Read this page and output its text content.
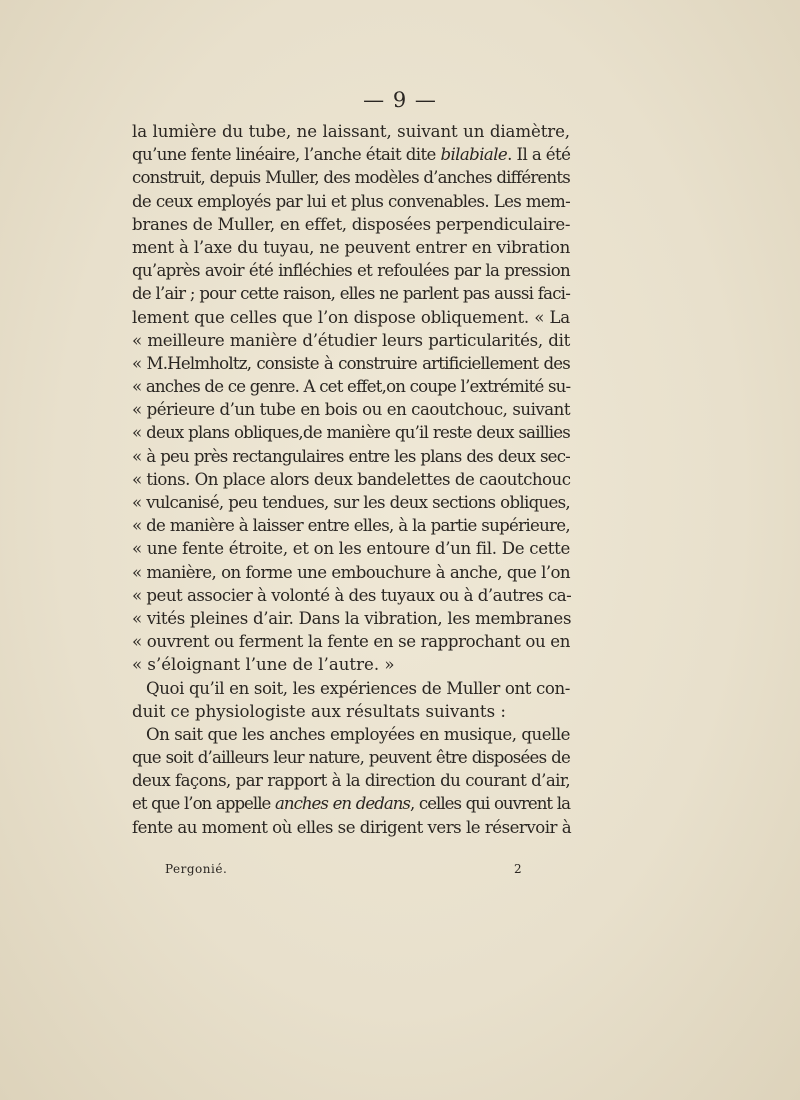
— 9 —
la lumière du tube, ne laissant, suivant un diamètre,
qu’une fente linéaire, l’anche était dite bilabiale. Il a été
construit, depuis Muller, des modèles d’anches différents
de ceux employés par lui et plus convenables. Les mem-
branes de Muller, en effet, disposées perpendiculaire-
ment à l’axe du tuyau, ne peuvent entrer en vibration
qu’après avoir été infléchies et refoulées par la pression
de l’air ; pour cette raison, elles ne parlent pas aussi faci-
lement que celles que l’on dispose obliquement. « La
« meilleure manière d’étudier leurs particularités, dit
« M.Helmholtz, consiste à construire artificiellement des
« anches de ce genre. A cet effet,on coupe l’extrémité su-
« périeure d’un tube en bois ou en caoutchouc, suivant
« deux plans obliques,de manière qu’il reste deux saillies
« à peu près rectangulaires entre les plans des deux sec-
« tions. On place alors deux bandelettes de caoutchouc
« vulcanisé, peu tendues, sur les deux sections obliques,
« de manière à laisser entre elles, à la partie supérieure,
« une fente étroite, et on les entoure d’un fil. De cette
« manière, on forme une embouchure à anche, que l’on
« peut associer à volonté à des tuyaux ou à d’autres ca-
« vités pleines d’air. Dans la vibration, les membranes
« ouvrent ou ferment la fente en se rapprochant ou en
« s’éloignant l’une de l’autre. »
Quoi qu’il en soit, les expériences de Muller ont con-
duit ce physiologiste aux résultats suivants :
On sait que les anches employées en musique, quelle
que soit d’ailleurs leur nature, peuvent être disposées de
deux façons, par rapport à la direction du courant d’air,
et que l’on appelle anches en dedans, celles qui ouvrent la
fente au moment où elles se dirigent vers le réservoir à
Pergonié.	2
